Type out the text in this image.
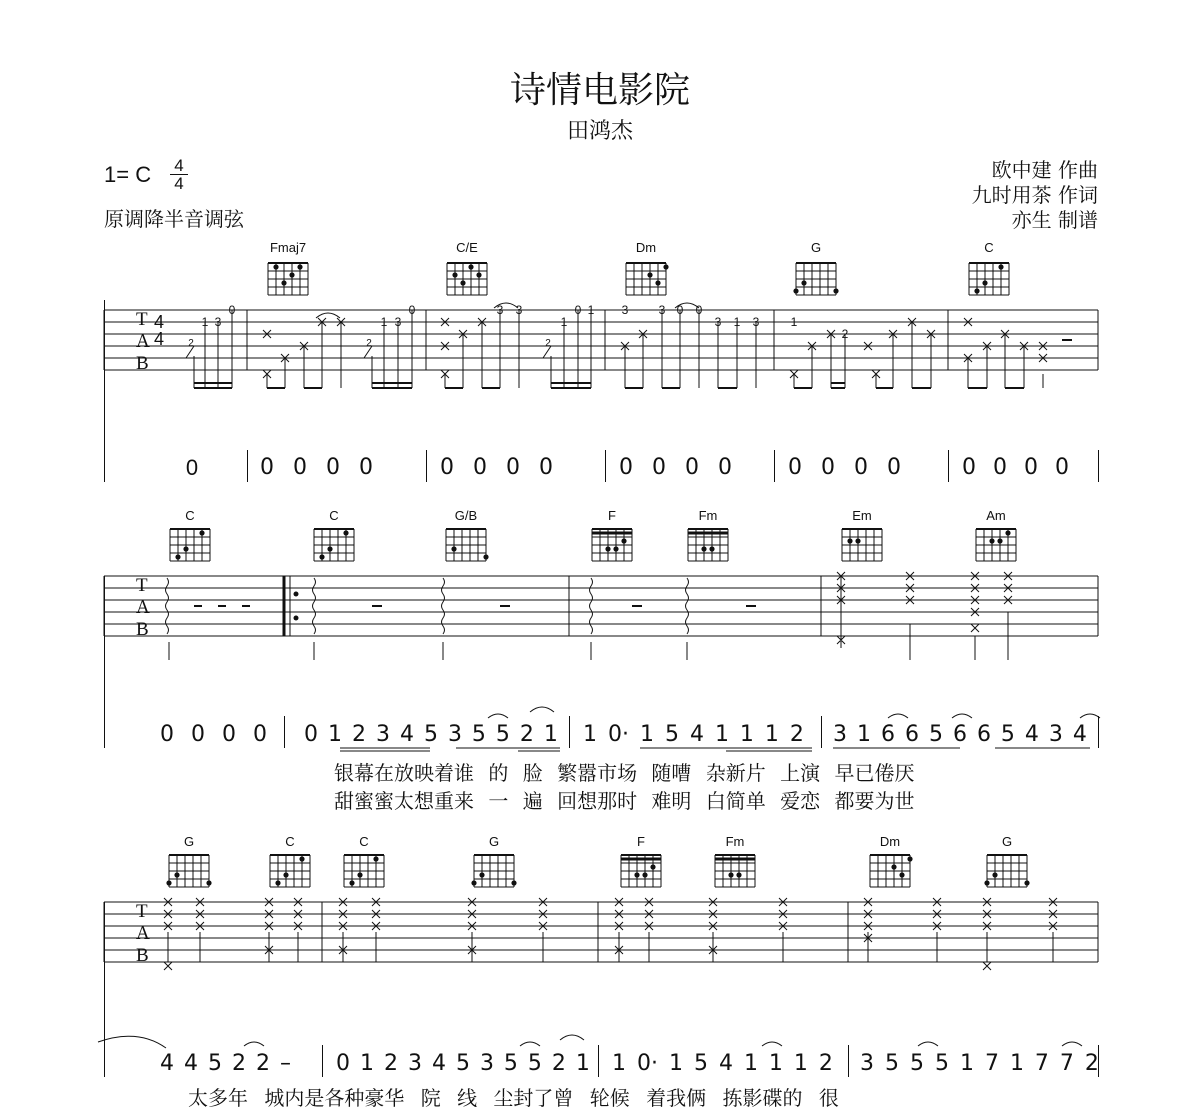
诗情电影院
田鸿杰
1= C 4
4
原调降半音调弦
欧中建 作曲
九时用茶 作词
亦生 制谱
Fmaj7	C/E	Dm	G	C
1 3
0
1 3
0	3 3
1
0 1 3	3 0 0
3 1 3	1
2
2	2	2
T
A
B
4
4
0	0 0 0 0	0 0 0 0	0 0 0 0	0 0 0 0	0 0 0 0
C	C	G/B	F	Fm	Em	Am
T
A
B
0 0 0 0 0 1 2 3 4 5 3 5 5 2 1 1 0· 1 5 4 1 1 1 2 3 1 6 6 5 6 6 5 4 3 4
银幕在放映着谁 的 脸 繁嚣市场 随嘈 杂新片 上演 早已倦厌
甜蜜蜜太想重来 一 遍 回想那时 难明 白简单 爱恋 都要为世
G	C	C	G	F	Fm	Dm	G
T
A
B
4 4 5 2 2 – 0 1 2 3 4 5 3 5 5 2 1 1 0· 1 5 4 1 1 1 2 3 5 5 5 1 7 1 7 7 2
太多年 城内是各种豪华 院 线 尘封了曾 轮候 着我俩 拣影碟的 很
